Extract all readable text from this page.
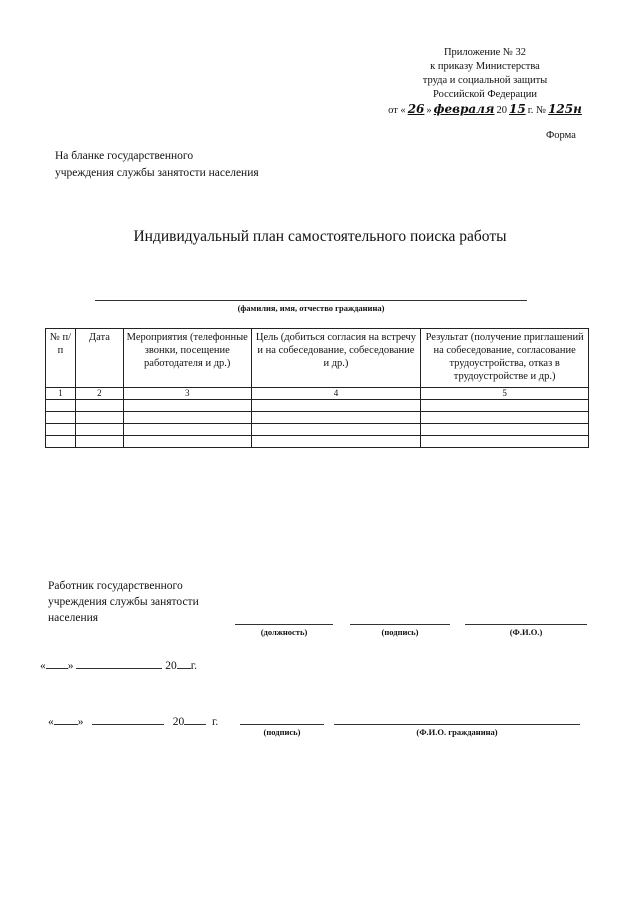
Приложение № 32
к приказу Министерства
труда и социальной защиты
Российской Федерации
от « 26 » февраля 20 15 г. № 125н
Форма
На бланке государственного
учреждения службы занятости населения
Индивидуальный план самостоятельного поиска работы
(фамилия, имя, отчество гражданина)
№ п/п	Дата	Мероприятия (телефонные звонки, посещение работодателя и др.)	Цель (добиться согласия на встречу и на собеседование, собеседование и др.)	Результат (получение приглашений на собеседование, согласование трудоустройства, отказ в трудоустройстве и др.)
1	2	3	4	5

Работник государственного
учреждения службы занятости
населения
(должность)	(подпись)	(Ф.И.О.)
« »	20 г.
« »	20 г.
(подпись)	(Ф.И.О. гражданина)
